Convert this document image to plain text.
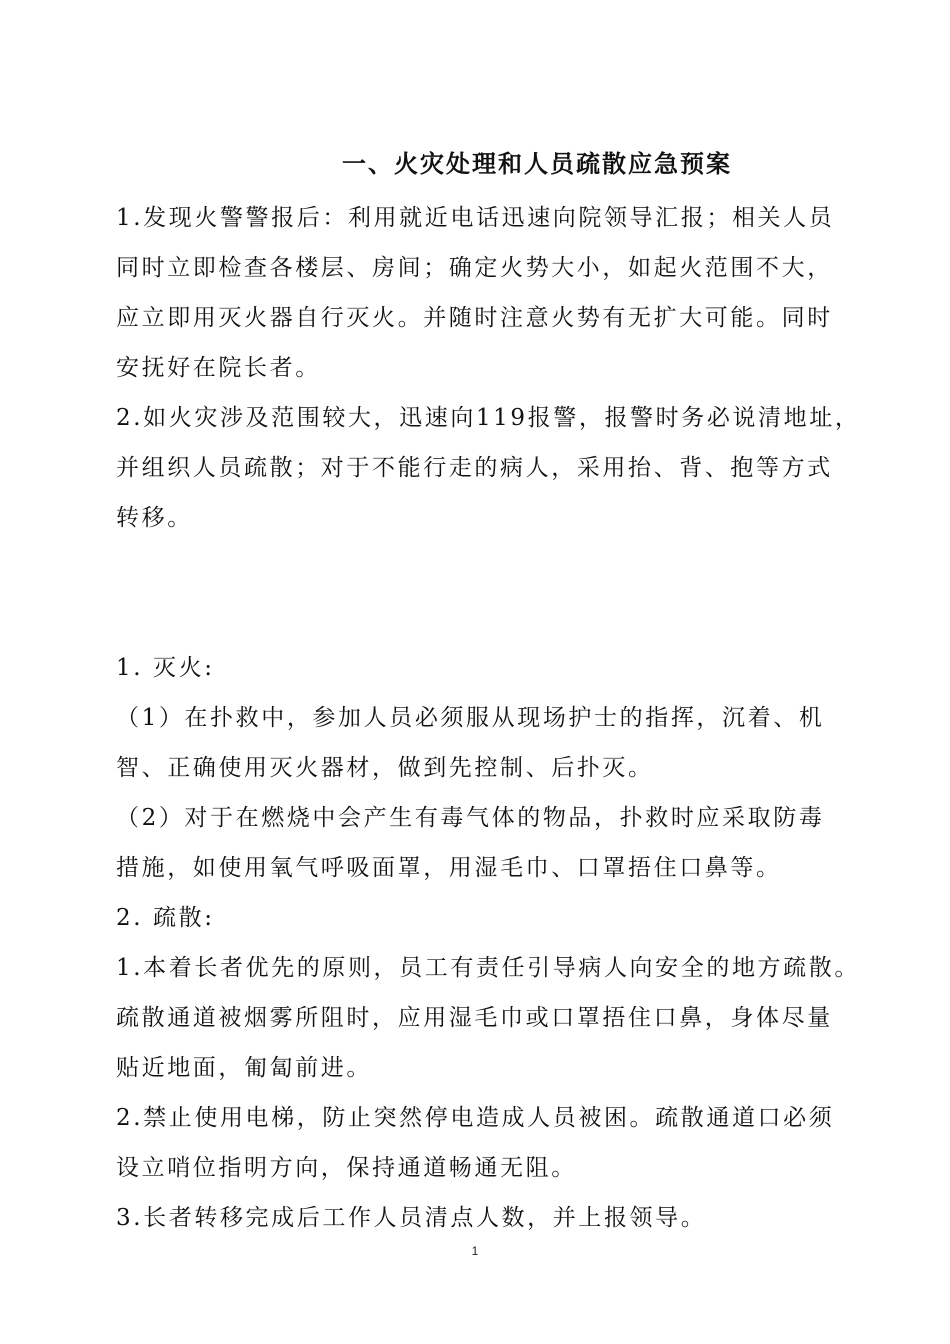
一、火灾处理和人员疏散应急预案
1.发现火警警报后：利用就近电话迅速向院领导汇报；相关人员
同时立即检查各楼层、房间；确定火势大小，如起火范围不大，
应立即用灭火器自行灭火。并随时注意火势有无扩大可能。同时
安抚好在院长者。
2.如火灾涉及范围较大，迅速向119报警，报警时务必说清地址，
并组织人员疏散；对于不能行走的病人，采用抬、背、抱等方式
转移。
1. 灭火:
（1）在扑救中，参加人员必须服从现场护士的指挥，沉着、机
智、正确使用灭火器材，做到先控制、后扑灭。
（2）对于在燃烧中会产生有毒气体的物品，扑救时应采取防毒
措施，如使用氧气呼吸面罩，用湿毛巾、口罩捂住口鼻等。
2. 疏散:
1.本着长者优先的原则，员工有责任引导病人向安全的地方疏散。
疏散通道被烟雾所阻时，应用湿毛巾或口罩捂住口鼻，身体尽量
贴近地面，匍匐前进。
2.禁止使用电梯，防止突然停电造成人员被困。疏散通道口必须
设立哨位指明方向，保持通道畅通无阻。
3.长者转移完成后工作人员清点人数，并上报领导。
1
